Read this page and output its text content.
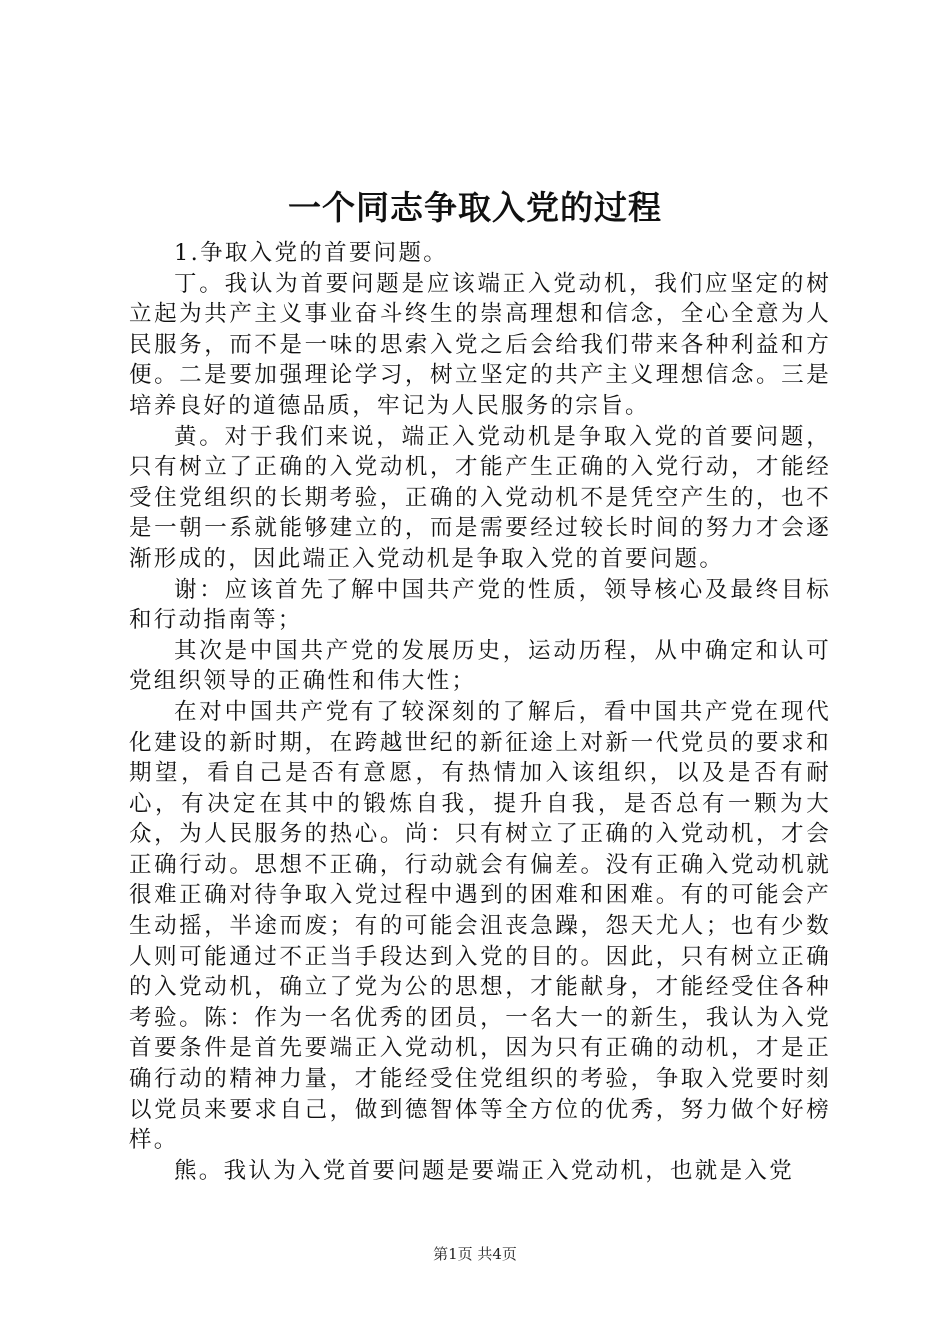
一个同志争取入党的过程

1.争取入党的首要问题。

丁。我认为首要问题是应该端正入党动机，我们应坚定的树立起为共产主义事业奋斗终生的崇高理想和信念，全心全意为人民服务，而不是一味的思索入党之后会给我们带来各种利益和方便。二是要加强理论学习，树立坚定的共产主义理想信念。三是培养良好的道德品质，牢记为人民服务的宗旨。

黄。对于我们来说，端正入党动机是争取入党的首要问题，只有树立了正确的入党动机，才能产生正确的入党行动，才能经受住党组织的长期考验，正确的入党动机不是凭空产生的，也不是一朝一系就能够建立的，而是需要经过较长时间的努力才会逐渐形成的，因此端正入党动机是争取入党的首要问题。

谢：应该首先了解中国共产党的性质，领导核心及最终目标和行动指南等；

其次是中国共产党的发展历史，运动历程，从中确定和认可党组织领导的正确性和伟大性；

在对中国共产党有了较深刻的了解后，看中国共产党在现代化建设的新时期，在跨越世纪的新征途上对新一代党员的要求和期望，看自己是否有意愿，有热情加入该组织，以及是否有耐心，有决定在其中的锻炼自我，提升自我，是否总有一颗为大众，为人民服务的热心。尚：只有树立了正确的入党动机，才会正确行动。思想不正确，行动就会有偏差。没有正确入党动机就很难正确对待争取入党过程中遇到的困难和困难。有的可能会产生动摇，半途而废；有的可能会沮丧急躁，怨天尤人；也有少数人则可能通过不正当手段达到入党的目的。因此，只有树立正确的入党动机，确立了党为公的思想，才能献身，才能经受住各种考验。陈：作为一名优秀的团员，一名大一的新生，我认为入党首要条件是首先要端正入党动机，因为只有正确的动机，才是正确行动的精神力量，才能经受住党组织的考验，争取入党要时刻以党员来要求自己，做到德智体等全方位的优秀，努力做个好榜样。

熊。我认为入党首要问题是要端正入党动机，也就是入党

第1页 共4页
